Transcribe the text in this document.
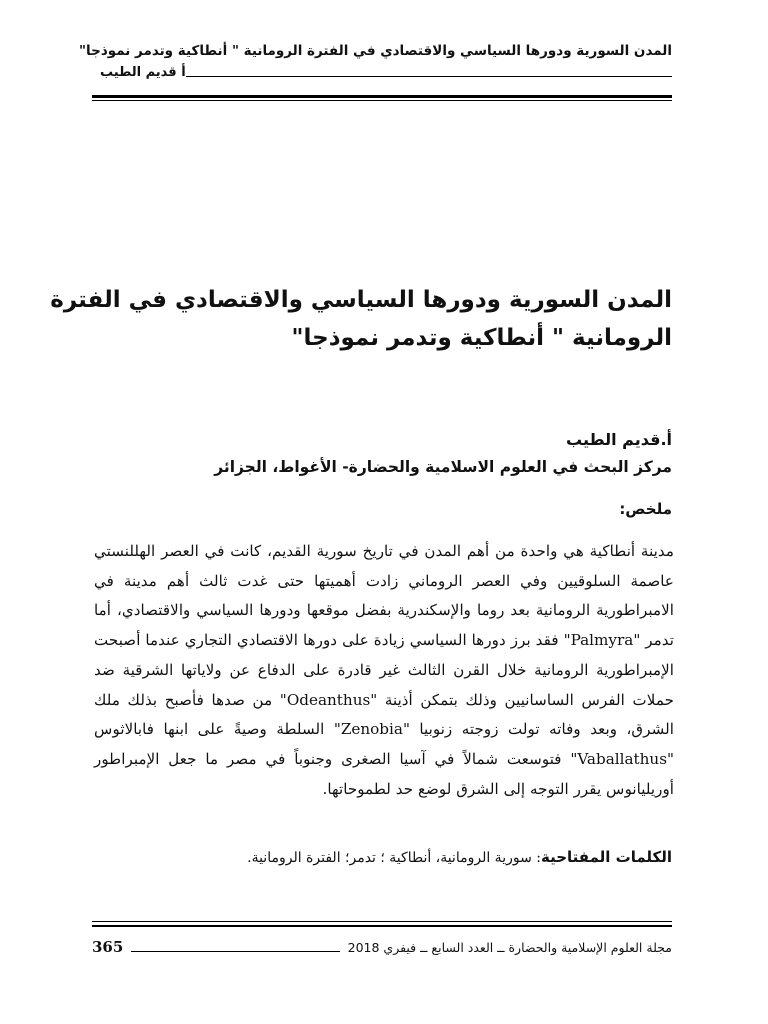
المدن السورية ودورها السياسي والاقتصادي في الفترة الرومانية " أنطاكية وتدمر نموذجا"

أ قديم الطيب
المدن السورية ودورها السياسي والاقتصادي في الفترة
الرومانية " أنطاكية وتدمر نموذجا"
أ.قديم الطيب
مركز البحث في العلوم الاسلامية والحضارة- الأغواط، الجزائر
ملخص:

مدينة أنطاكية هي واحدة من أهم المدن في تاريخ سورية القديم، كانت في العصر الهللنستي عاصمة السلوقيين وفي العصر الروماني زادت أهميتها حتى غدت ثالث أهم مدينة في الامبراطورية الرومانية بعد روما والإسكندرية بفضل موقعها ودورها السياسي والاقتصادي، أما تدمر "Palmyra" فقد برز دورها السياسي زيادة على دورها الاقتصادي التجاري عندما أصبحت الإمبراطورية الرومانية خلال القرن الثالث غير قادرة على الدفاع عن ولاياتها الشرقية ضد حملات الفرس الساسانيين وذلك بتمكن أذينة "Odeanthus" من صدها فأصبح بذلك ملك الشرق، وبعد وفاته تولت زوجته زنوبيا "Zenobia" السلطة وصيةً على ابنها فابالاثوس "Vaballathus" فتوسعت شمالاً في آسيا الصغرى وجنوباً في مصر ما جعل الإمبراطور أوريليانوس يقرر التوجه إلى الشرق لوضع حد لطموحاتها.

الكلمات المفتاحية: سورية الرومانية، أنطاكية ؛ تدمر؛ الفترة الرومانية.
مجلة العلوم الإسلامية والحضارة ــ العدد السابع ــ فيفري 2018
365
